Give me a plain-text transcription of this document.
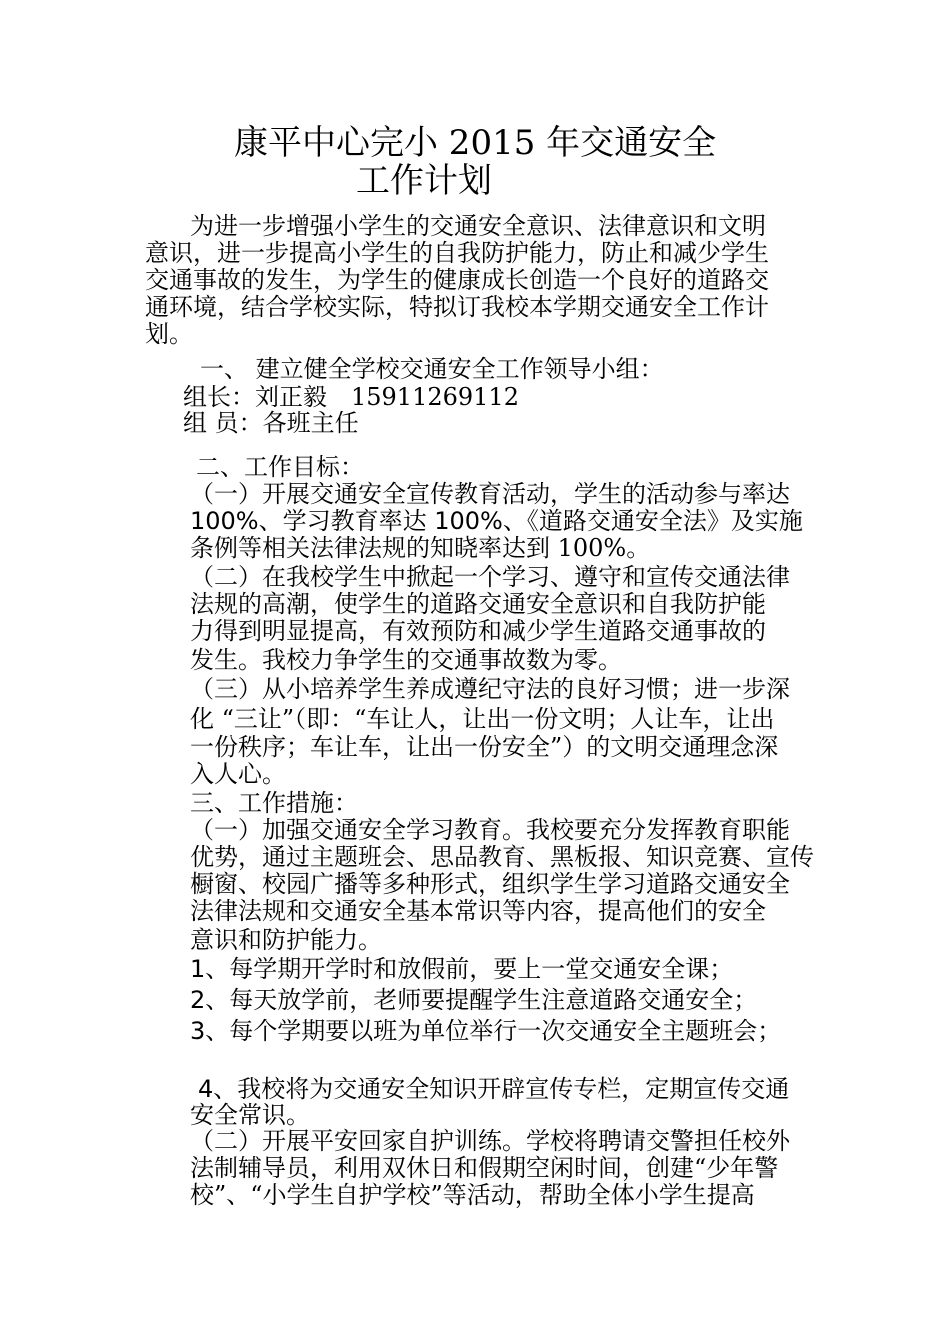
康平中心完小 2015 年交通安全
工作计划
为进一步增强小学生的交通安全意识、法律意识和文明
意识，进一步提高小学生的自我防护能力，防止和减少学生
交通事故的发生，为学生的健康成长创造一个良好的道路交
通环境，结合学校实际，特拟订我校本学期交通安全工作计
划。
一、 建立健全学校交通安全工作领导小组：
组长：刘正毅　15911269112
组 员：各班主任
二、工作目标：
（一）开展交通安全宣传教育活动，学生的活动参与率达
100%、学习教育率达 100%、《道路交通安全法》及实施
条例等相关法律法规的知晓率达到 100%。
（二）在我校学生中掀起一个学习、遵守和宣传交通法律
法规的高潮，使学生的道路交通安全意识和自我防护能
力得到明显提高，有效预防和减少学生道路交通事故的
发生。我校力争学生的交通事故数为零。
（三）从小培养学生养成遵纪守法的良好习惯；进一步深
化 “三让”（即：“车让人，让出一份文明；人让车，让出
一份秩序；车让车，让出一份安全”）的文明交通理念深
入人心。
三、工作措施：
（一）加强交通安全学习教育。我校要充分发挥教育职能
优势，通过主题班会、思品教育、黑板报、知识竞赛、宣传
橱窗、校园广播等多种形式，组织学生学习道路交通安全
法律法规和交通安全基本常识等内容，提高他们的安全
意识和防护能力。
1、每学期开学时和放假前，要上一堂交通安全课；
2、每天放学前，老师要提醒学生注意道路交通安全；
3、每个学期要以班为单位举行一次交通安全主题班会；
4、我校将为交通安全知识开辟宣传专栏，定期宣传交通
安全常识。
（二）开展平安回家自护训练。学校将聘请交警担任校外
法制辅导员，利用双休日和假期空闲时间，创建“少年警
校”、“小学生自护学校”等活动，帮助全体小学生提高
